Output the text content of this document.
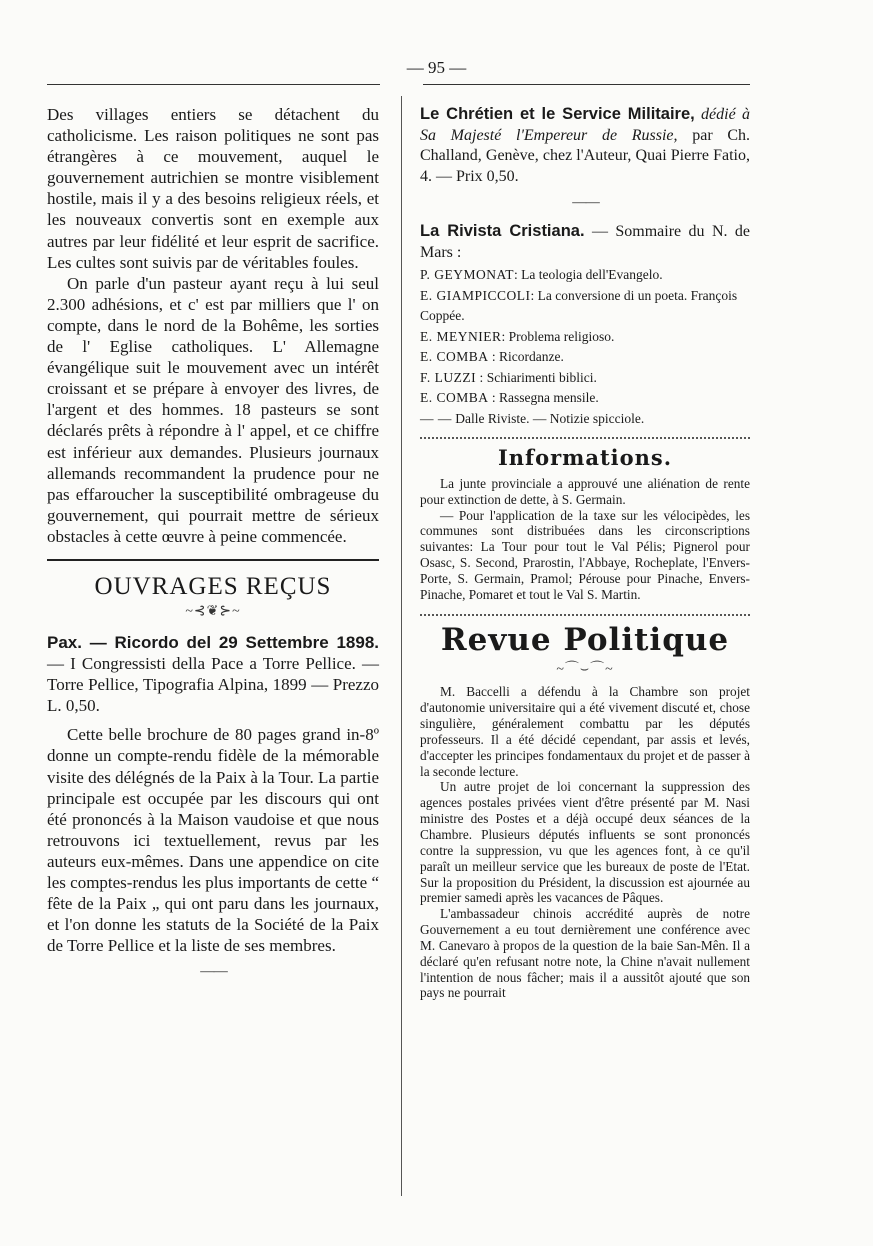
— 95 —

Des villages entiers se détachent du catholicisme. Les raison politiques ne sont pas étrangères à ce mouvement, auquel le gouvernement autrichien se montre visiblement hostile, mais il y a des besoins religieux réels, et les nouveaux convertis sont en exemple aux autres par leur fidélité et leur esprit de sacrifice. Les cultes sont suivis par de véritables foules.

On parle d'un pasteur ayant reçu à lui seul 2.300 adhésions, et c' est par milliers que l' on compte, dans le nord de la Bohême, les sorties de l' Eglise catholiques. L' Allemagne évangélique suit le mouvement avec un intérêt croissant et se prépare à envoyer des livres, de l'argent et des hommes. 18 pasteurs se sont déclarés prêts à répondre à l' appel, et ce chiffre est inférieur aux demandes. Plusieurs journaux allemands recommandent la prudence pour ne pas effaroucher la susceptibilité ombrageuse du gouvernement, qui pourrait mettre de sérieux obstacles à cette œuvre à peine commencée.

OUVRAGES REÇUS
~⊰❦⊱~

Pax. — Ricordo del 29 Settembre 1898. — I Congressisti della Pace a Torre Pellice. — Torre Pellice, Tipografia Alpina, 1899 — Prezzo L. 0,50.

Cette belle brochure de 80 pages grand in-8º donne un compte-rendu fidèle de la mémorable visite des délégnés de la Paix à la Tour. La partie principale est occupée par les discours qui ont été prononcés à la Maison vaudoise et que nous retrouvons ici textuellement, revus par les auteurs eux-mêmes. Dans une appendice on cite les comptes-rendus les plus importants de cette “ fête de la Paix „ qui ont paru dans les journaux, et l'on donne les statuts de la Société de la Paix de Torre Pellice et la liste de ses membres.

— —

Le Chrétien et le Service Militaire, dédié à Sa Majesté l'Empereur de Russie, par Ch. Challand, Genève, chez l'Auteur, Quai Pierre Fatio, 4. — Prix 0,50.

— —

La Rivista Cristiana. — Sommaire du N. de Mars :

P. GEYMONAT: La teologia dell'Evangelo.
E. GIAMPICCOLI: La conversione di un poeta. François Coppée.
E. MEYNIER: Problema religioso.
E. COMBA : Ricordanze.
F. LUZZI : Schiarimenti biblici.
E. COMBA : Rassegna mensile.
— — Dalle Riviste. — Notizie spicciole.
Informations.

La junte provinciale a approuvé une aliénation de rente pour extinction de dette, à S. Germain.

— Pour l'application de la taxe sur les vélocipèdes, les communes sont distribuées dans les circonscriptions suivantes: La Tour pour tout le Val Pélis; Pignerol pour Osasc, S. Second, Prarostin, l'Abbaye, Rocheplate, l'Envers-Porte, S. Germain, Pramol; Pérouse pour Pinache, Envers-Pinache, Pomaret et tout le Val S. Martin.

Revue Politique
~⌒⌣⌒~

M. Baccelli a défendu à la Chambre son projet d'autonomie universitaire qui a été vivement discuté et, chose singulière, généralement combattu par les députés professeurs. Il a été décidé cependant, par assis et levés, d'accepter les principes fondamentaux du projet et de passer à la seconde lecture.

Un autre projet de loi concernant la suppression des agences postales privées vient d'être présenté par M. Nasi ministre des Postes et a déjà occupé deux séances de la Chambre. Plusieurs députés influents se sont prononcés contre la suppression, vu que les agences font, à ce qu'il paraît un meilleur service que les bureaux de poste de l'Etat. Sur la proposition du Président, la discussion est ajournée au premier samedi après les vacances de Pâques.

L'ambassadeur chinois accrédité auprès de notre Gouvernement a eu tout dernièrement une conférence avec M. Canevaro à propos de la question de la baie San-Mên. Il a déclaré qu'en refusant notre note, la Chine n'avait nullement l'intention de nous fâcher; mais il a aussitôt ajouté que son pays ne pourrait
